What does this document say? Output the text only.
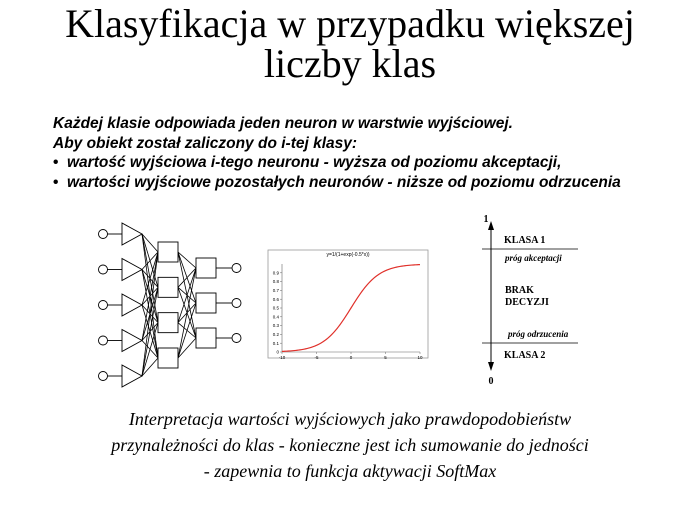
Klasyfikacja w przypadku większej
liczby klas
Każdej klasie odpowiada jeden neuron w warstwie wyjściowej.
Aby obiekt został zaliczony do i-tej klasy:
• wartość wyjściowa i-tego neuronu - wyższa od poziomu akceptacji,
• wartości wyjściowe pozostałych neuronów - niższe od poziomu odrzucenia
y=1/(1+exp(-0.5*x))
0.9
0.8
0.7
0.6
0.5
0.4
0.3
0.2
0.1
0
-10	-5	0	5	10
1
0
KLASA 1
próg akceptacji
BRAK
DECYZJI
próg odrzucenia
KLASA 2
Interpretacja wartości wyjściowych jako prawdopodobieństw
przynależności do klas - konieczne jest ich sumowanie do jedności
- zapewnia to funkcja aktywacji SoftMax
